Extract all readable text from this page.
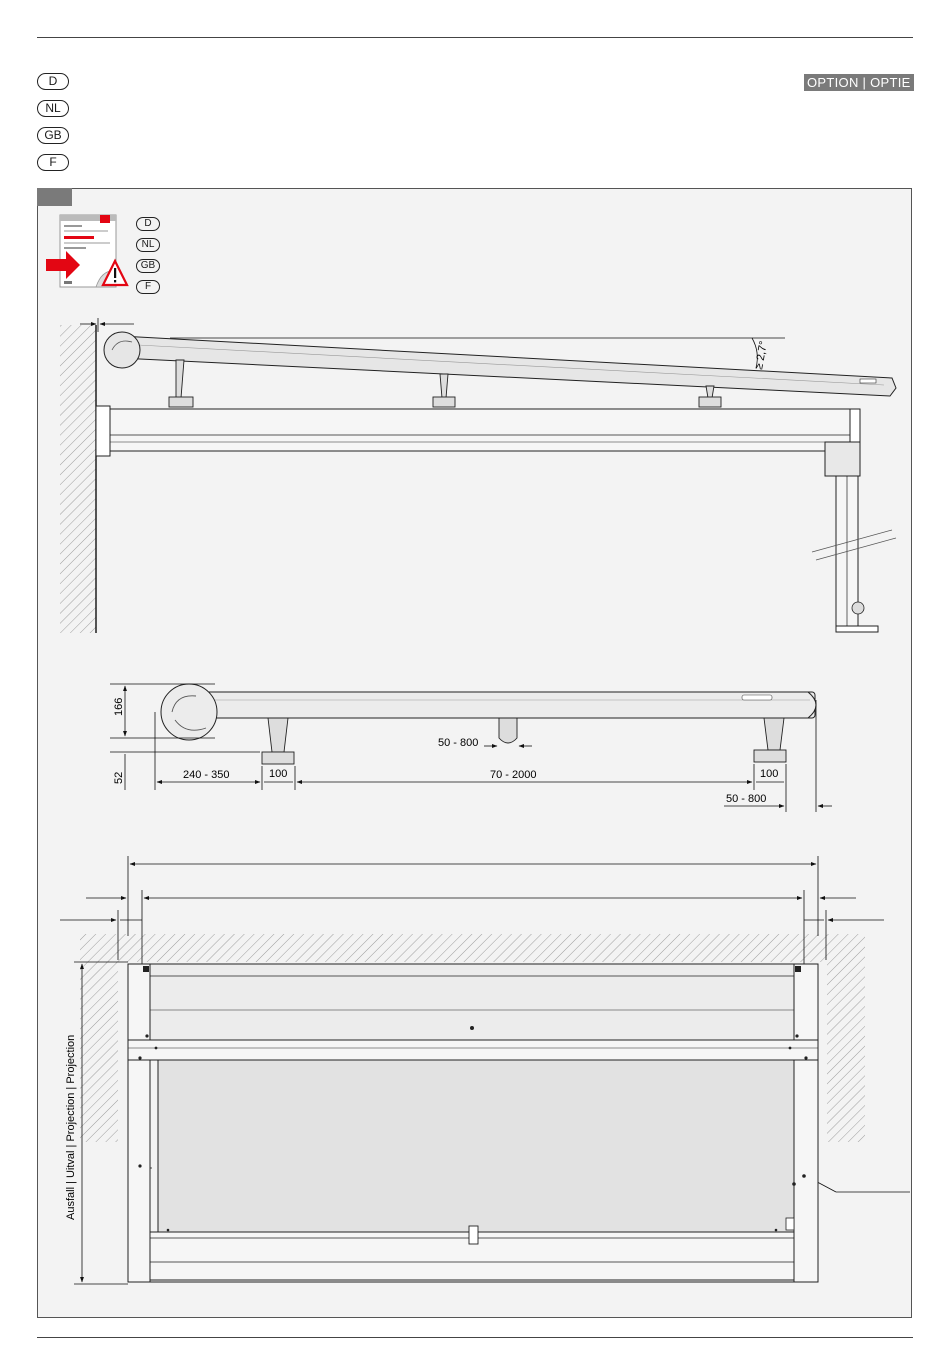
D
NL
GB
F
OPTION | OPTIE
D
NL
GB
F
≥ 2,7°
166
52	240 - 350	100	70 - 2000	100
50 - 800
50 - 800
Ausfall | Uitval | Projection | Projection
